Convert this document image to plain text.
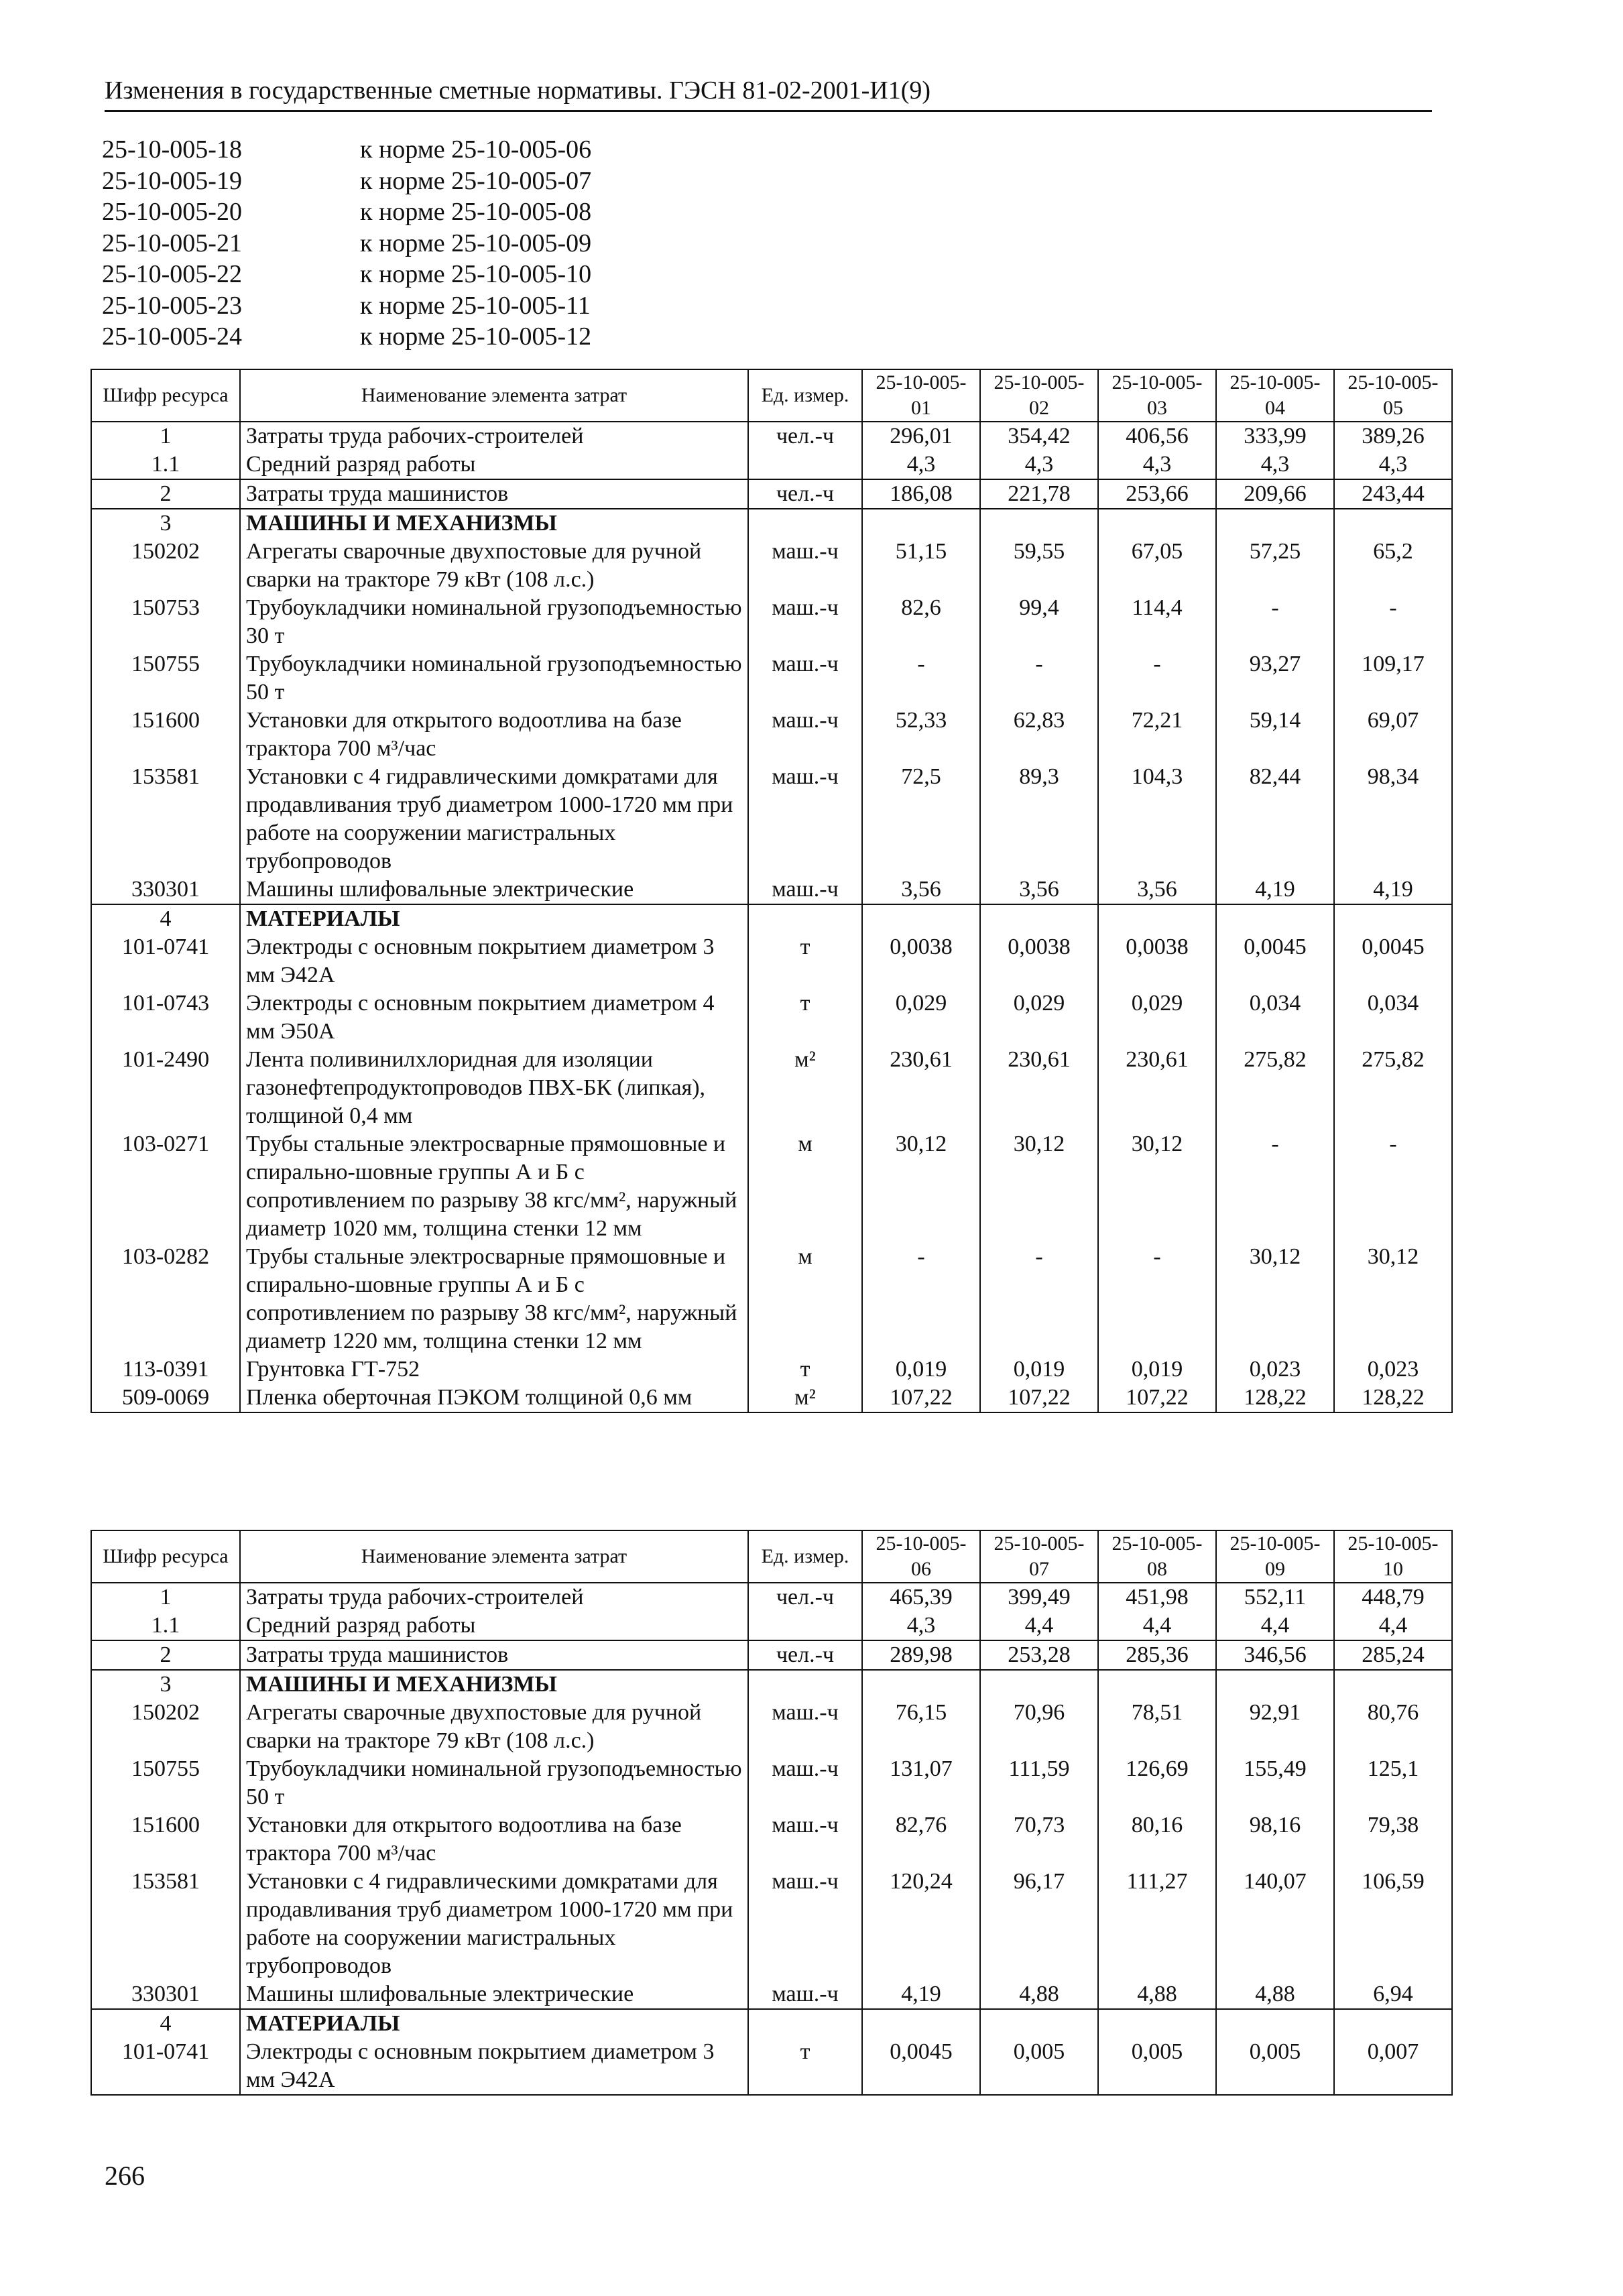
Изменения в государственные сметные нормативы. ГЭСН 81-02-2001-И1(9)
25-10-005-18	к норме 25-10-005-06
25-10-005-19	к норме 25-10-005-07
25-10-005-20	к норме 25-10-005-08
25-10-005-21	к норме 25-10-005-09
25-10-005-22	к норме 25-10-005-10
25-10-005-23	к норме 25-10-005-11
25-10-005-24	к норме 25-10-005-12
Шифр ресурса	Наименование элемента затрат	Ед. измер.	25-10-005-01	25-10-005-02	25-10-005-03	25-10-005-04	25-10-005-05
1	Затраты труда рабочих-строителей	чел.-ч	296,01	354,42	406,56	333,99	389,26
1.1	Средний разряд работы		4,3	4,3	4,3	4,3	4,3
2	Затраты труда машинистов	чел.-ч	186,08	221,78	253,66	209,66	243,44
3	МАШИНЫ И МЕХАНИЗМЫ						
150202	Агрегаты сварочные двухпостовые для ручной сварки на тракторе 79 кВт (108 л.с.)	маш.-ч	51,15	59,55	67,05	57,25	65,2
150753	Трубоукладчики номинальной грузоподъемностью 30 т	маш.-ч	82,6	99,4	114,4	-	-
150755	Трубоукладчики номинальной грузоподъемностью 50 т	маш.-ч	-	-	-	93,27	109,17
151600	Установки для открытого водоотлива на базе трактора 700 м³/час	маш.-ч	52,33	62,83	72,21	59,14	69,07
153581	Установки с 4 гидравлическими домкратами для продавливания труб диаметром 1000-1720 мм при работе на сооружении магистральных трубопроводов	маш.-ч	72,5	89,3	104,3	82,44	98,34
330301	Машины шлифовальные электрические	маш.-ч	3,56	3,56	3,56	4,19	4,19
4	МАТЕРИАЛЫ						
101-0741	Электроды с основным покрытием диаметром 3 мм Э42А	т	0,0038	0,0038	0,0038	0,0045	0,0045
101-0743	Электроды с основным покрытием диаметром 4 мм Э50А	т	0,029	0,029	0,029	0,034	0,034
101-2490	Лента поливинилхлоридная для изоляции газонефтепродуктопроводов ПВХ-БК (липкая), толщиной 0,4 мм	м²	230,61	230,61	230,61	275,82	275,82
103-0271	Трубы стальные электросварные прямошовные и спирально-шовные группы А и Б с сопротивлением по разрыву 38 кгс/мм², наружный диаметр 1020 мм, толщина стенки 12 мм	м	30,12	30,12	30,12	-	-
103-0282	Трубы стальные электросварные прямошовные и спирально-шовные группы А и Б с сопротивлением по разрыву 38 кгс/мм², наружный диаметр 1220 мм, толщина стенки 12 мм	м	-	-	-	30,12	30,12
113-0391	Грунтовка ГТ-752	т	0,019	0,019	0,019	0,023	0,023
509-0069	Пленка оберточная ПЭКОМ толщиной 0,6 мм	м²	107,22	107,22	107,22	128,22	128,22
Шифр ресурса	Наименование элемента затрат	Ед. измер.	25-10-005-06	25-10-005-07	25-10-005-08	25-10-005-09	25-10-005-10
1	Затраты труда рабочих-строителей	чел.-ч	465,39	399,49	451,98	552,11	448,79
1.1	Средний разряд работы		4,3	4,4	4,4	4,4	4,4
2	Затраты труда машинистов	чел.-ч	289,98	253,28	285,36	346,56	285,24
3	МАШИНЫ И МЕХАНИЗМЫ						
150202	Агрегаты сварочные двухпостовые для ручной сварки на тракторе 79 кВт (108 л.с.)	маш.-ч	76,15	70,96	78,51	92,91	80,76
150755	Трубоукладчики номинальной грузоподъемностью 50 т	маш.-ч	131,07	111,59	126,69	155,49	125,1
151600	Установки для открытого водоотлива на базе трактора 700 м³/час	маш.-ч	82,76	70,73	80,16	98,16	79,38
153581	Установки с 4 гидравлическими домкратами для продавливания труб диаметром 1000-1720 мм при работе на сооружении магистральных трубопроводов	маш.-ч	120,24	96,17	111,27	140,07	106,59
330301	Машины шлифовальные электрические	маш.-ч	4,19	4,88	4,88	4,88	6,94
4	МАТЕРИАЛЫ						
101-0741	Электроды с основным покрытием диаметром 3 мм Э42А	т	0,0045	0,005	0,005	0,005	0,007
266
